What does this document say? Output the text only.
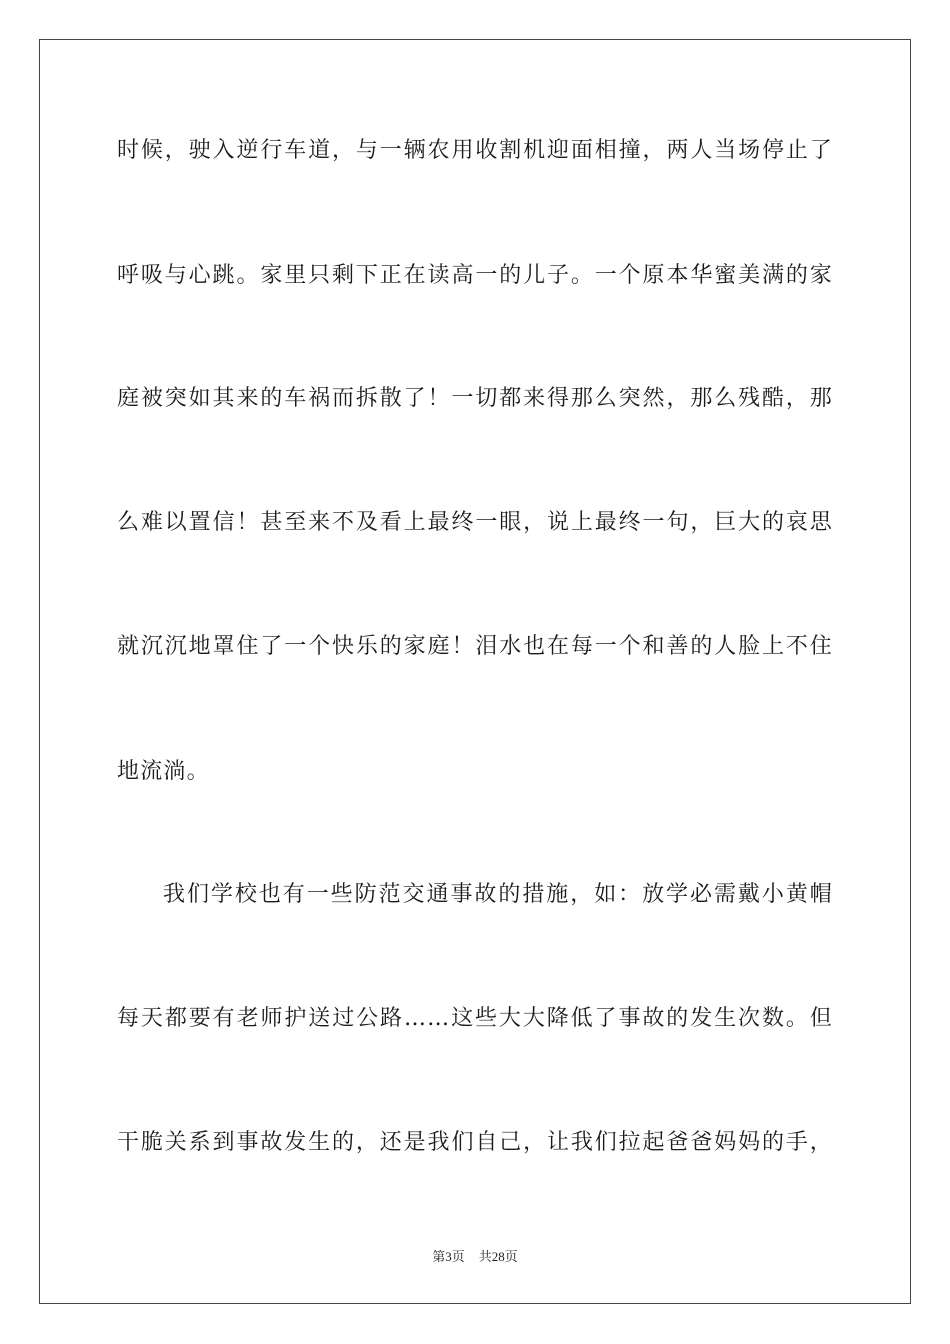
时候，驶入逆行车道，与一辆农用收割机迎面相撞，两人当场停止了
呼吸与心跳。家里只剩下正在读高一的儿子。一个原本华蜜美满的家
庭被突如其来的车祸而拆散了！一切都来得那么突然，那么残酷，那
么难以置信！甚至来不及看上最终一眼，说上最终一句，巨大的哀思
就沉沉地罩住了一个快乐的家庭！泪水也在每一个和善的人脸上不住
地流淌。
我们学校也有一些防范交通事故的措施，如：放学必需戴小黄帽
每天都要有老师护送过公路……这些大大降低了事故的发生次数。但
干脆关系到事故发生的，还是我们自己，让我们拉起爸爸妈妈的手，
第3页 共28页
